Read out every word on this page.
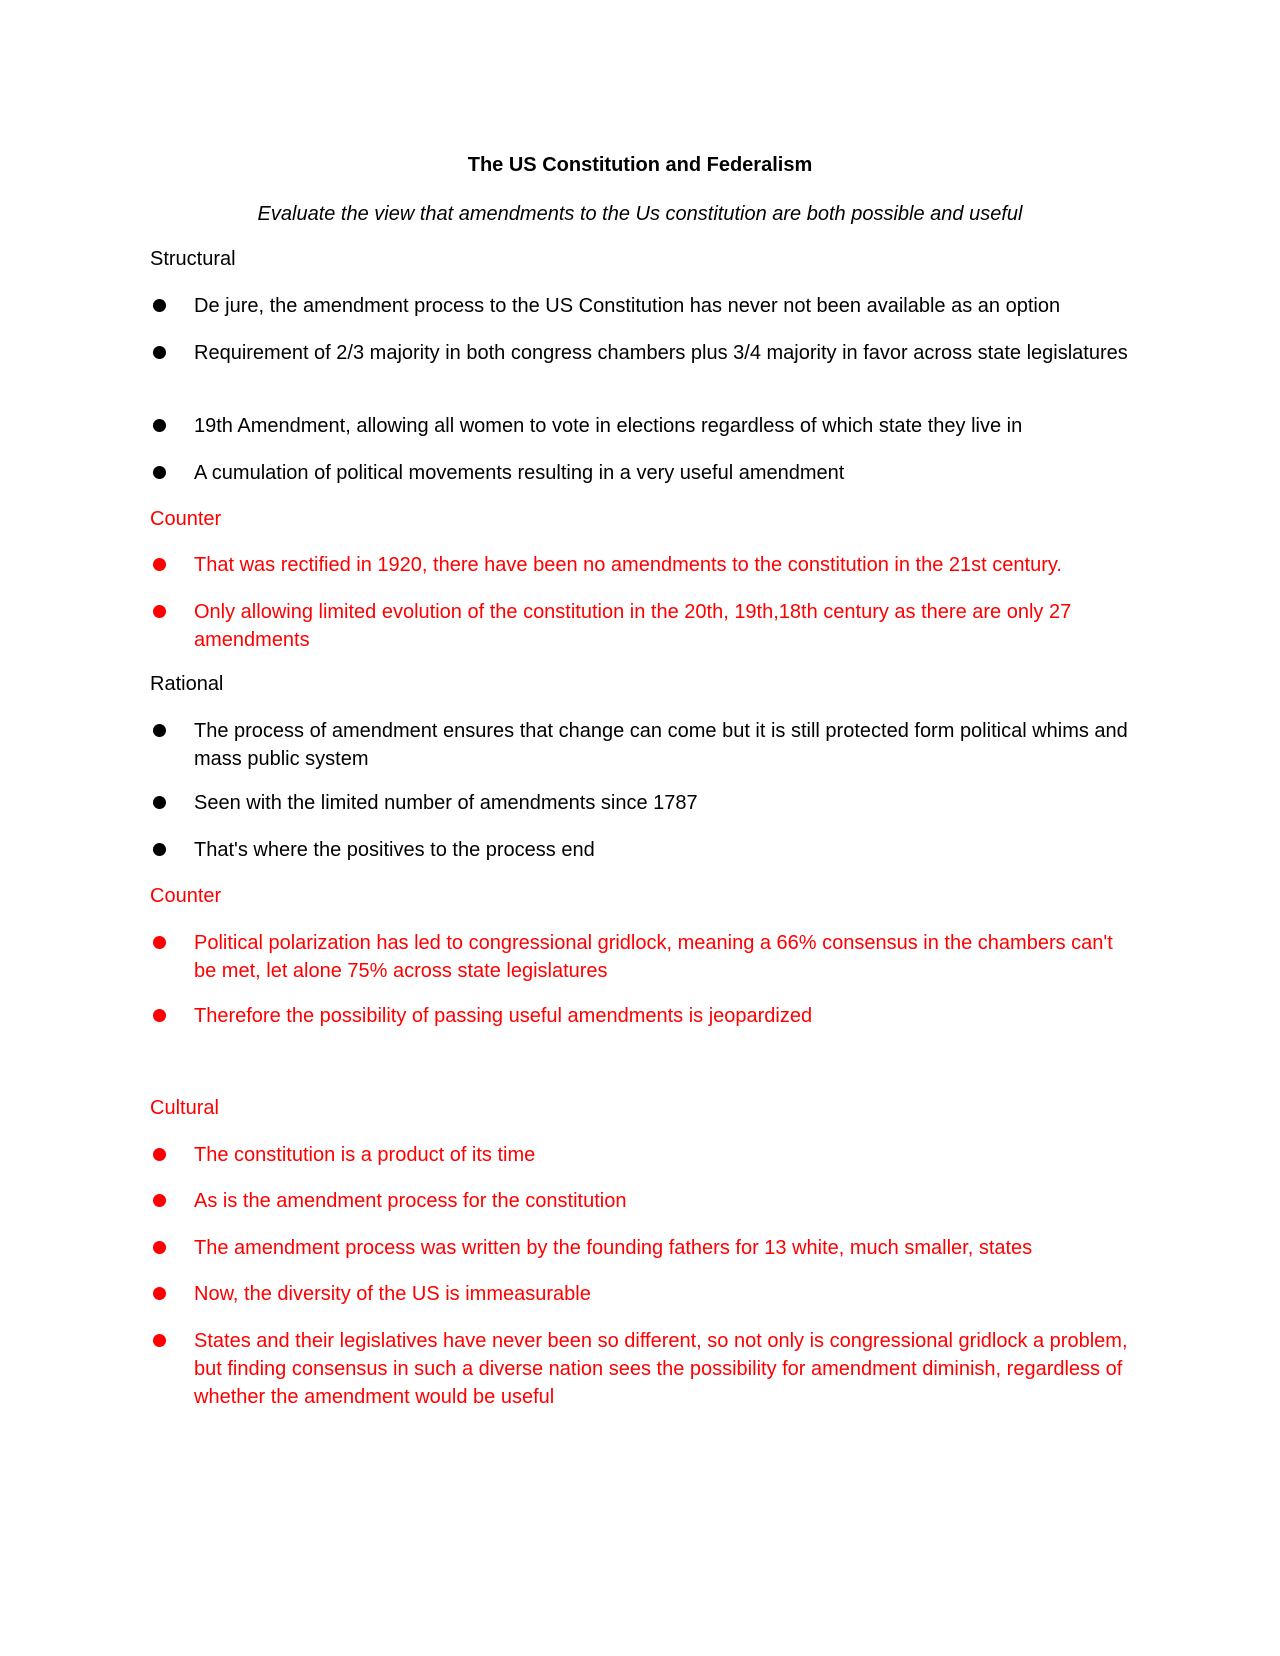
The US Constitution and Federalism
Evaluate the view that amendments to the Us constitution are both possible and useful
Structural
De jure, the amendment process to the US Constitution has never not been available as an option
Requirement of 2/3 majority in both congress chambers plus 3/4 majority in favor across state legislatures
19th Amendment, allowing all women to vote in elections regardless of which state they live in
A cumulation of political movements resulting in a very useful amendment
Counter
That was rectified in 1920, there have been no amendments to the constitution in the 21st century.
Only allowing limited evolution of the constitution in the 20th, 19th,18th century as there are only 27 amendments
Rational
The process of amendment ensures that change can come but it is still protected form political whims and mass public system
Seen with the limited number of amendments since 1787
That's where the positives to the process end
Counter
Political polarization has led to congressional gridlock, meaning a 66% consensus in the chambers can't be met, let alone 75% across state legislatures
Therefore the possibility of passing useful amendments is jeopardized
Cultural
The constitution is a product of its time
As is the amendment process for the constitution
The amendment process was written by the founding fathers for 13 white, much smaller, states
Now, the diversity of the US is immeasurable
States and their legislatives have never been so different, so not only is congressional gridlock a problem, but finding consensus in such a diverse nation sees the possibility for amendment diminish, regardless of whether the amendment would be useful
